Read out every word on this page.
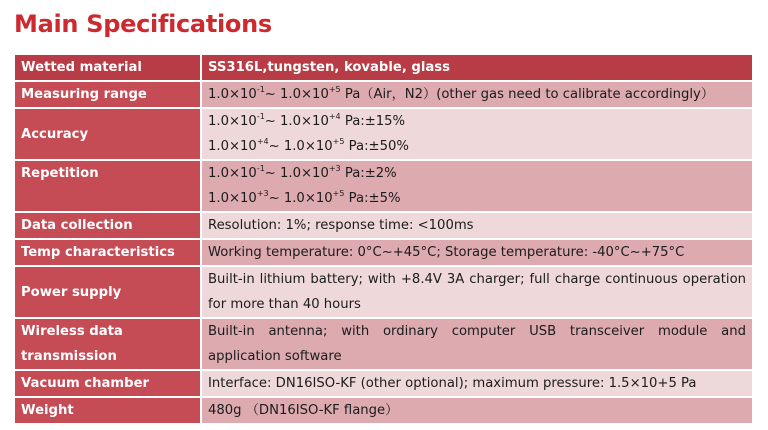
Main Specifications
Wetted material	SS316L,tungsten, kovable, glass
Measuring range	$1.0\times 10^{-1}\sim$ $1.0\times 10^{+5}$ Pa（Air，N2）(other gas need to calibrate accordingly）
Accuracy	$1.0\times 10^{-1}\sim$ $1.0\times 10^{+4}$ Pa:±15%
$1.0\times 10^{+4}\sim$ $1.0\times 10^{+5}$ Pa:±50%

Repetition	$1.0\times 10^{-1}\sim$ $1.0\times 10^{+3}$ Pa:±2%
$1.0\times 10^{+3}\sim$ $1.0\times 10^{+5}$ Pa:±5%

Data collection	Resolution: 1%; response time: <100ms
Temp characteristics	Working temperature: 0°C~+45°C; Storage temperature: -40°C~+75°C
Power supply	Built-in lithium battery; with +8.4V 3A charger; full charge continuous operation for more than 40 hours
Wireless data transmission	Built-in antenna; with ordinary computer USB transceiver module and application software
Vacuum chamber	Interface: DN16ISO-KF (other optional); maximum pressure: 1.5×10+5 Pa
Weight	480g （DN16ISO-KF flange）
